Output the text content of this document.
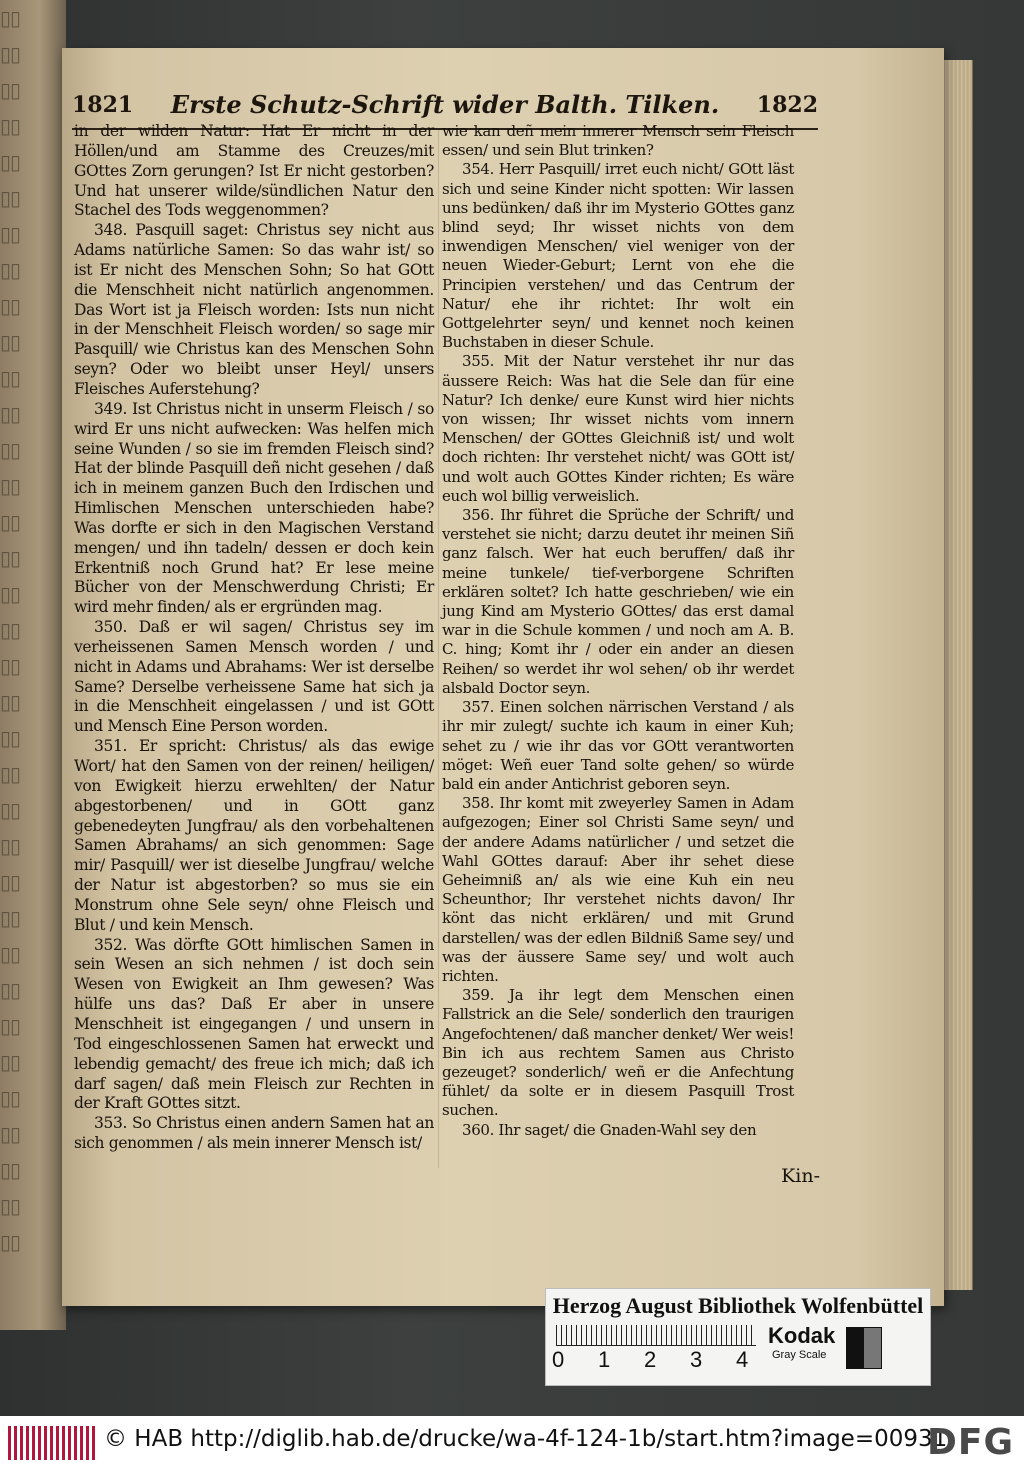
▯▯
▯▯
▯▯
▯▯
▯▯
▯▯
▯▯
▯▯
▯▯
▯▯
▯▯
▯▯
▯▯
▯▯
▯▯
▯▯
▯▯
▯▯
▯▯
▯▯
▯▯
▯▯
▯▯
▯▯
▯▯
▯▯
▯▯
▯▯
▯▯
▯▯
▯▯
▯▯
▯▯
▯▯
▯▯
1821	Erste Schutz-Schrift wider Balth. Tilken.	1822

in der wilden Natur: Hat Er nicht in der Höllen/und am Stamme des Creuzes/mit GOttes Zorn gerungen? Ist Er nicht gestorben? Und hat unserer wilde/sündlichen Natur den Stachel des Tods weggenommen?

348. Pasquill saget: Christus sey nicht aus Adams natürliche Samen: So das wahr ist/ so ist Er nicht des Menschen Sohn; So hat GOtt die Menschheit nicht natürlich angenommen. Das Wort ist ja Fleisch worden: Ists nun nicht in der Menschheit Fleisch worden/ so sage mir Pasquill/ wie Christus kan des Menschen Sohn seyn? Oder wo bleibt unser Heyl/ unsers Fleisches Auferstehung?

349. Ist Christus nicht in unserm Fleisch / so wird Er uns nicht aufwecken: Was helfen mich seine Wunden / so sie im fremden Fleisch sind? Hat der blinde Pasquill deñ nicht gesehen / daß ich in meinem ganzen Buch den Irdischen und Himlischen Menschen unterschieden habe? Was dorfte er sich in den Magischen Verstand mengen/ und ihn tadeln/ dessen er doch kein Erkentniß noch Grund hat? Er lese meine Bücher von der Menschwerdung Christi; Er wird mehr finden/ als er ergründen mag.

350. Daß er wil sagen/ Christus sey im verheissenen Samen Mensch worden / und nicht in Adams und Abrahams: Wer ist derselbe Same? Derselbe verheissene Same hat sich ja in die Menschheit eingelassen / und ist GOtt und Mensch Eine Person worden.

351. Er spricht: Christus/ als das ewige Wort/ hat den Samen von der reinen/ heiligen/ von Ewigkeit hierzu erwehlten/ der Natur abgestorbenen/ und in GOtt ganz gebenedeyten Jungfrau/ als den vorbehaltenen Samen Abrahams/ an sich genommen: Sage mir/ Pasquill/ wer ist dieselbe Jungfrau/ welche der Natur ist abgestorben? so mus sie ein Monstrum ohne Sele seyn/ ohne Fleisch und Blut / und kein Mensch.

352. Was dörfte GOtt himlischen Samen in sein Wesen an sich nehmen / ist doch sein Wesen von Ewigkeit an Ihm gewesen? Was hülfe uns das? Daß Er aber in unsere Menschheit ist eingegangen / und unsern in Tod eingeschlossenen Samen hat erweckt und lebendig gemacht/ des freue ich mich; daß ich darf sagen/ daß mein Fleisch zur Rechten in der Kraft GOttes sitzt.

353. So Christus einen andern Samen hat an sich genommen / als mein innerer Mensch ist/

wie kan deñ mein innerer Mensch sein Fleisch essen/ und sein Blut trinken?

354. Herr Pasquill/ irret euch nicht/ GOtt läst sich und seine Kinder nicht spotten: Wir lassen uns bedünken/ daß ihr im Mysterio GOttes ganz blind seyd; Ihr wisset nichts von dem inwendigen Menschen/ viel weniger von der neuen Wieder-Geburt; Lernt von ehe die Principien verstehen/ und das Centrum der Natur/ ehe ihr richtet: Ihr wolt ein Gottgelehrter seyn/ und kennet noch keinen Buchstaben in dieser Schule.

355. Mit der Natur verstehet ihr nur das äussere Reich: Was hat die Sele dan für eine Natur? Ich denke/ eure Kunst wird hier nichts von wissen; Ihr wisset nichts vom innern Menschen/ der GOttes Gleichniß ist/ und wolt doch richten: Ihr verstehet nicht/ was GOtt ist/ und wolt auch GOttes Kinder richten; Es wäre euch wol billig verweislich.

356. Ihr führet die Sprüche der Schrift/ und verstehet sie nicht; darzu deutet ihr meinen Siñ ganz falsch. Wer hat euch beruffen/ daß ihr meine tunkele/ tief-verborgene Schriften erklären soltet? Ich hatte geschrieben/ wie ein jung Kind am Mysterio GOttes/ das erst damal war in die Schule kommen / und noch am A. B. C. hing; Komt ihr / oder ein ander an diesen Reihen/ so werdet ihr wol sehen/ ob ihr werdet alsbald Doctor seyn.

357. Einen solchen närrischen Verstand / als ihr mir zulegt/ suchte ich kaum in einer Kuh; sehet zu / wie ihr das vor GOtt verantworten möget: Weñ euer Tand solte gehen/ so würde bald ein ander Antichrist geboren seyn.

358. Ihr komt mit zweyerley Samen in Adam aufgezogen; Einer sol Christi Same seyn/ und der andere Adams natürlicher / und setzet die Wahl GOttes darauf: Aber ihr sehet diese Geheimniß an/ als wie eine Kuh ein neu Scheunthor; Ihr verstehet nichts davon/ Ihr könt das nicht erklären/ und mit Grund darstellen/ was der edlen Bildniß Same sey/ und was der äussere Same sey/ und wolt auch richten.

359. Ja ihr legt dem Menschen einen Fallstrick an die Sele/ sonderlich den traurigen Angefochtenen/ daß mancher denket/ Wer weis! Bin ich aus rechtem Samen aus Christo gezeuget? sonderlich/ weñ er die Anfechtung fühlet/ da solte er in diesem Pasquill Trost suchen.

360. Ihr saget/ die Gnaden-Wahl sey den

Kin-
Herzog August Bibliothek Wolfenbüttel
0 1 2 3 4
Kodak
Gray Scale
© HAB http://diglib.hab.de/drucke/wa-4f-124-1b/start.htm?image=00931
DFG
